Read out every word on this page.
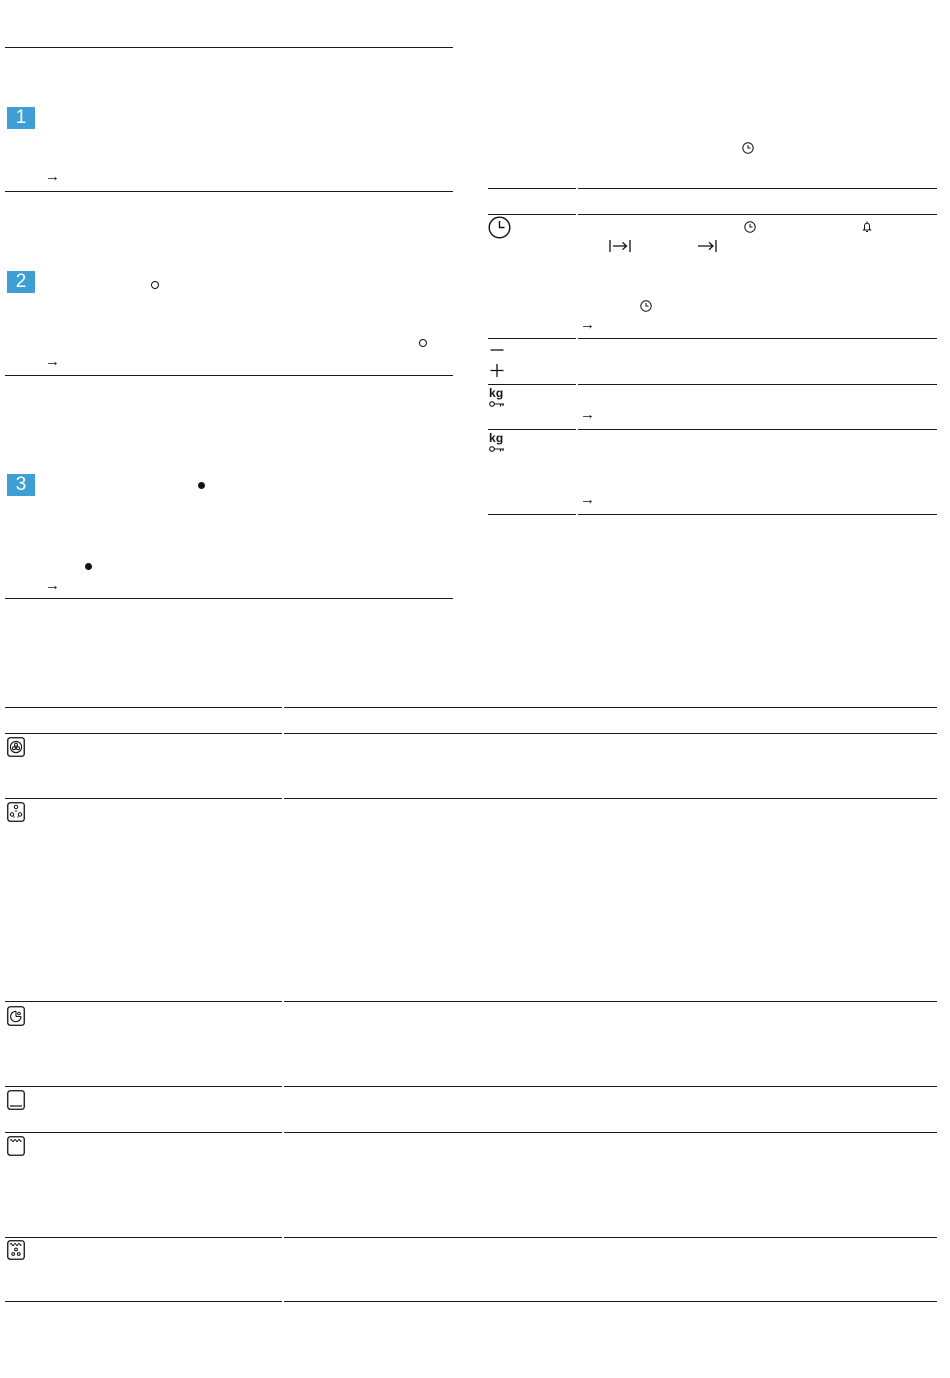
1
→
2
→
3
→
→
kg
→
kg
→
